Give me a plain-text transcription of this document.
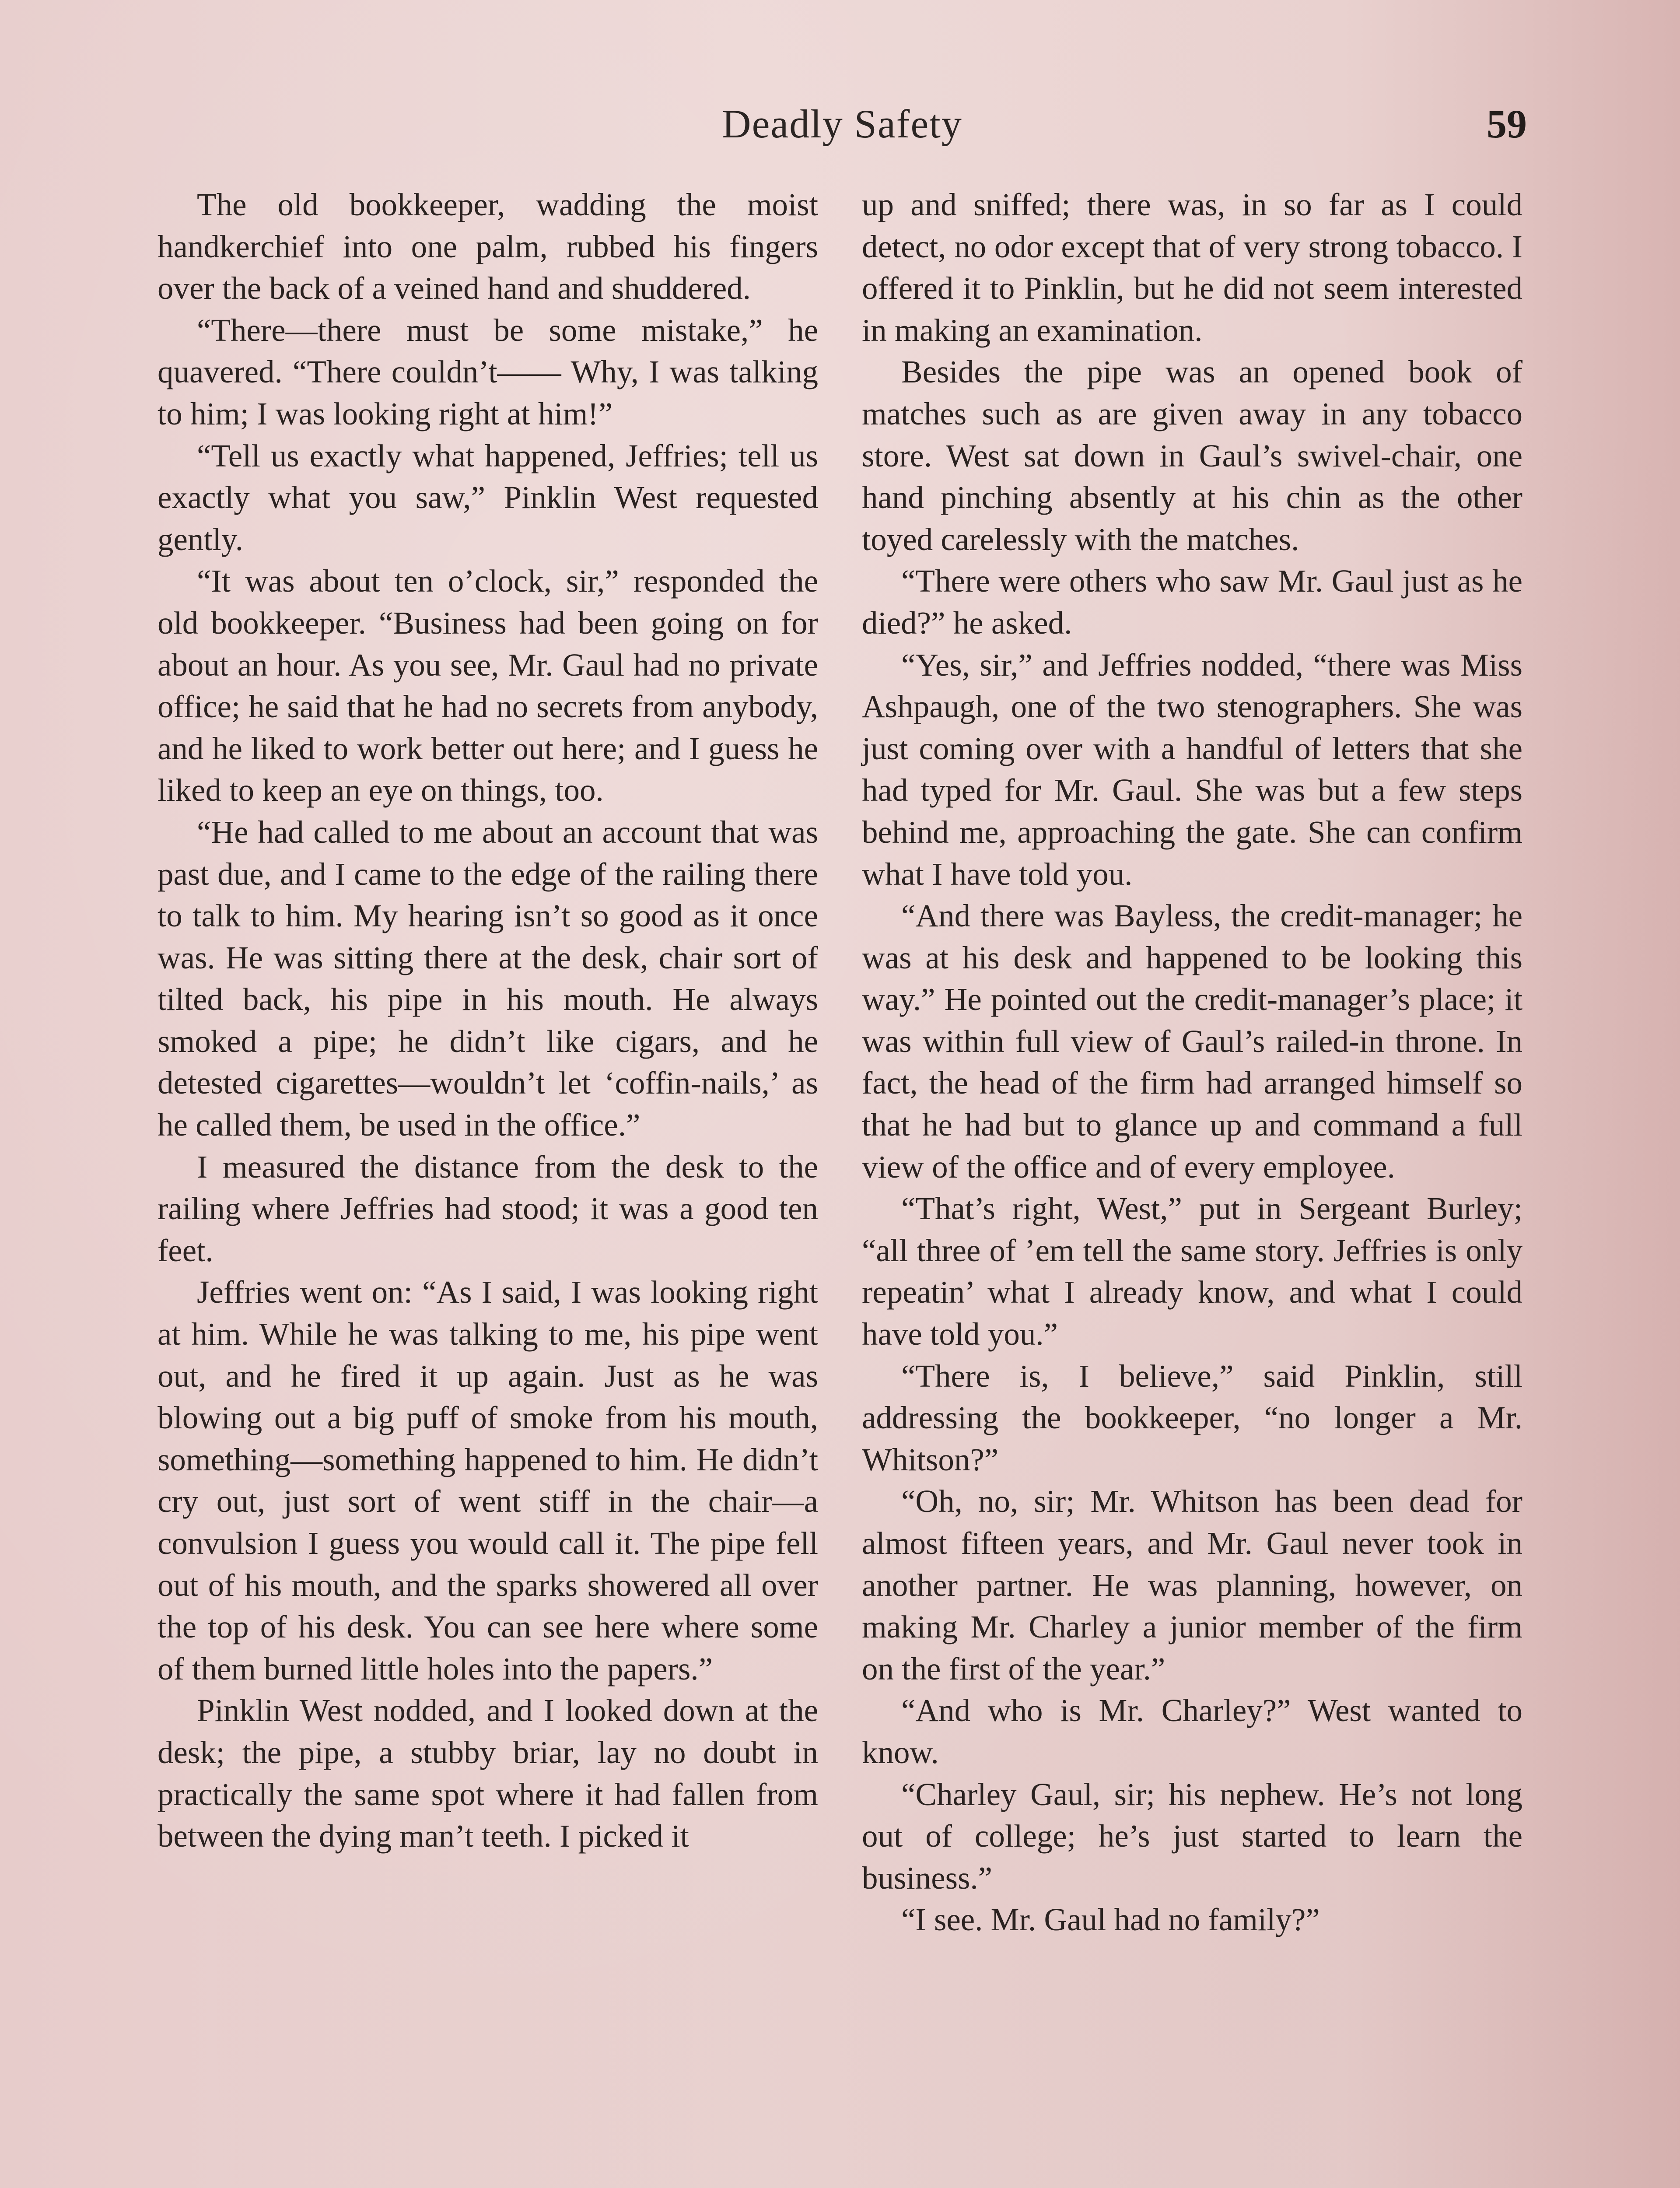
Deadly Safety	59

The old bookkeeper, wadding the moist handkerchief into one palm, rubbed his fingers over the back of a veined hand and shuddered.

“There—there must be some mistake,” he quavered. “There couldn’t—— Why, I was talking to him; I was looking right at him!”

“Tell us exactly what happened, Jeffries; tell us exactly what you saw,” Pinklin West requested gently.

“It was about ten o’clock, sir,” responded the old bookkeeper. “Business had been going on for about an hour. As you see, Mr. Gaul had no private office; he said that he had no secrets from anybody, and he liked to work better out here; and I guess he liked to keep an eye on things, too.

“He had called to me about an account that was past due, and I came to the edge of the railing there to talk to him. My hearing isn’t so good as it once was. He was sitting there at the desk, chair sort of tilted back, his pipe in his mouth. He always smoked a pipe; he didn’t like cigars, and he detested cigarettes—wouldn’t let ‘coffin-nails,’ as he called them, be used in the office.”

I measured the distance from the desk to the railing where Jeffries had stood; it was a good ten feet.

Jeffries went on: “As I said, I was looking right at him. While he was talking to me, his pipe went out, and he fired it up again. Just as he was blowing out a big puff of smoke from his mouth, something—something happened to him. He didn’t cry out, just sort of went stiff in the chair—a convulsion I guess you would call it. The pipe fell out of his mouth, and the sparks showered all over the top of his desk. You can see here where some of them burned little holes into the papers.”

Pinklin West nodded, and I looked down at the desk; the pipe, a stubby briar, lay no doubt in practically the same spot where it had fallen from between the dying man’t teeth. I picked it

up and sniffed; there was, in so far as I could detect, no odor except that of very strong tobacco. I offered it to Pinklin, but he did not seem interested in making an examination.

Besides the pipe was an opened book of matches such as are given away in any tobacco store. West sat down in Gaul’s swivel-chair, one hand pinching absently at his chin as the other toyed carelessly with the matches.

“There were others who saw Mr. Gaul just as he died?” he asked.

“Yes, sir,” and Jeffries nodded, “there was Miss Ashpaugh, one of the two stenographers. She was just coming over with a handful of letters that she had typed for Mr. Gaul. She was but a few steps behind me, approaching the gate. She can confirm what I have told you.

“And there was Bayless, the credit-manager; he was at his desk and happened to be looking this way.” He pointed out the credit-manager’s place; it was within full view of Gaul’s railed-in throne. In fact, the head of the firm had arranged himself so that he had but to glance up and command a full view of the office and of every employee.

“That’s right, West,” put in Sergeant Burley; “all three of ’em tell the same story. Jeffries is only repeatin’ what I already know, and what I could have told you.”

“There is, I believe,” said Pinklin, still addressing the bookkeeper, “no longer a Mr. Whitson?”

“Oh, no, sir; Mr. Whitson has been dead for almost fifteen years, and Mr. Gaul never took in another partner. He was planning, however, on making Mr. Charley a junior member of the firm on the first of the year.”

“And who is Mr. Charley?” West wanted to know.

“Charley Gaul, sir; his nephew. He’s not long out of college; he’s just started to learn the business.”

“I see. Mr. Gaul had no family?”
